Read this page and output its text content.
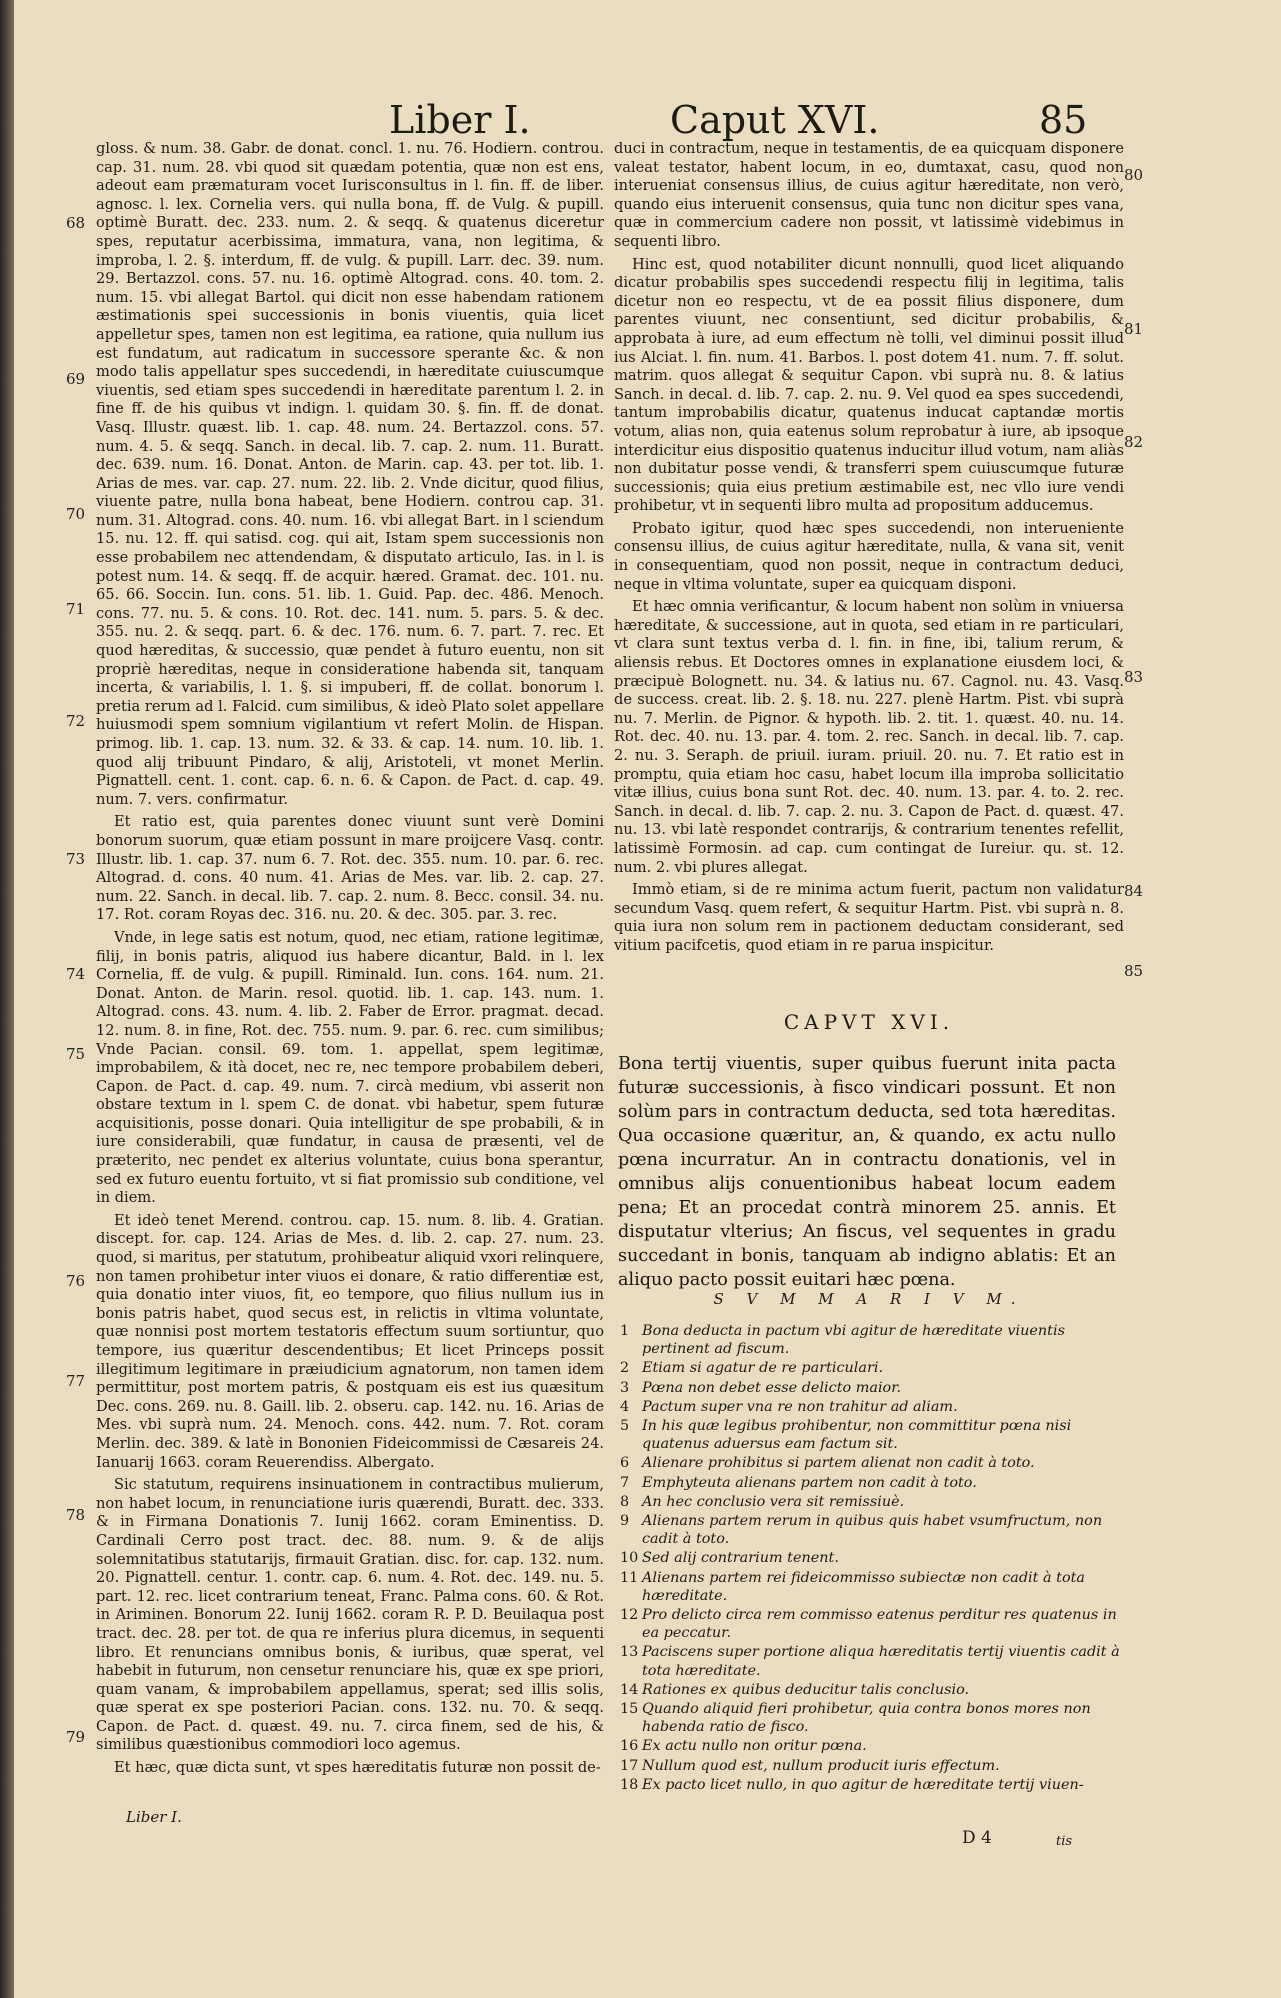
Liber I.	Caput XVI.	85

gloss. & num. 38. Gabr. de donat. concl. 1. nu. 76. Hodiern. controu. cap. 31. num. 28. vbi quod sit quædam potentia, quæ non est ens, adeout eam præmaturam vocet Iurisconsultus in l. fin. ff. de liber. agnosc. l. lex. Cornelia vers. qui nulla bona, ff. de Vulg. & pupill. optimè Buratt. dec. 233. num. 2. & seqq. & quatenus diceretur spes, reputatur acerbissima, immatura, vana, non legitima, & improba, l. 2. §. interdum, ff. de vulg. & pupill. Larr. dec. 39. num. 29. Bertazzol. cons. 57. nu. 16. optimè Altograd. cons. 40. tom. 2. num. 15. vbi allegat Bartol. qui dicit non esse habendam rationem æstimationis spei successionis in bonis viuentis, quia licet appelletur spes, tamen non est legitima, ea ratione, quia nullum ius est fundatum, aut radicatum in successore sperante &c. & non modo talis appellatur spes succedendi, in hæreditate cuiuscumque viuentis, sed etiam spes succedendi in hæreditate parentum l. 2. in fine ff. de his quibus vt indign. l. quidam 30. §. fin. ff. de donat. Vasq. Illustr. quæst. lib. 1. cap. 48. num. 24. Bertazzol. cons. 57. num. 4. 5. & seqq. Sanch. in decal. lib. 7. cap. 2. num. 11. Buratt. dec. 639. num. 16. Donat. Anton. de Marin. cap. 43. per tot. lib. 1. Arias de mes. var. cap. 27. num. 22. lib. 2. Vnde dicitur, quod filius, viuente patre, nulla bona habeat, bene Hodiern. controu cap. 31. num. 31. Altograd. cons. 40. num. 16. vbi allegat Bart. in l sciendum 15. nu. 12. ff. qui satisd. cog. qui ait, Istam spem successionis non esse probabilem nec attendendam, & disputato articulo, Ias. in l. is potest num. 14. & seqq. ff. de acquir. hæred. Gramat. dec. 101. nu. 65. 66. Soccin. Iun. cons. 51. lib. 1. Guid. Pap. dec. 486. Menoch. cons. 77. nu. 5. & cons. 10. Rot. dec. 141. num. 5. pars. 5. & dec. 355. nu. 2. & seqq. part. 6. & dec. 176. num. 6. 7. part. 7. rec. Et quod hæreditas, & successio, quæ pendet à futuro euentu, non sit propriè hæreditas, neque in consideratione habenda sit, tanquam incerta, & variabilis, l. 1. §. si impuberi, ff. de collat. bonorum l. pretia rerum ad l. Falcid. cum similibus, & ideò Plato solet appellare huiusmodi spem somnium vigilantium vt refert Molin. de Hispan. primog. lib. 1. cap. 13. num. 32. & 33. & cap. 14. num. 10. lib. 1. quod alij tribuunt Pindaro, & alij, Aristoteli, vt monet Merlin. Pignattell. cent. 1. cont. cap. 6. n. 6. & Capon. de Pact. d. cap. 49. num. 7. vers. confirmatur.

Et ratio est, quia parentes donec viuunt sunt verè Domini bonorum suorum, quæ etiam possunt in mare proijcere Vasq. contr. Illustr. lib. 1. cap. 37. num 6. 7. Rot. dec. 355. num. 10. par. 6. rec. Altograd. d. cons. 40 num. 41. Arias de Mes. var. lib. 2. cap. 27. num. 22. Sanch. in decal. lib. 7. cap. 2. num. 8. Becc. consil. 34. nu. 17. Rot. coram Royas dec. 316. nu. 20. & dec. 305. par. 3. rec.

Vnde, in lege satis est notum, quod, nec etiam, ratione legitimæ, filij, in bonis patris, aliquod ius habere dicantur, Bald. in l. lex Cornelia, ff. de vulg. & pupill. Riminald. Iun. cons. 164. num. 21. Donat. Anton. de Marin. resol. quotid. lib. 1. cap. 143. num. 1. Altograd. cons. 43. num. 4. lib. 2. Faber de Error. pragmat. decad. 12. num. 8. in fine, Rot. dec. 755. num. 9. par. 6. rec. cum similibus; Vnde Pacian. consil. 69. tom. 1. appellat, spem legitimæ, improbabilem, & ità docet, nec re, nec tempore probabilem deberi, Capon. de Pact. d. cap. 49. num. 7. circà medium, vbi asserit non obstare textum in l. spem C. de donat. vbi habetur, spem futuræ acquisitionis, posse donari. Quia intelligitur de spe probabili, & in iure considerabili, quæ fundatur, in causa de præsenti, vel de præterito, nec pendet ex alterius voluntate, cuius bona sperantur, sed ex futuro euentu fortuito, vt si fiat promissio sub conditione, vel in diem.

Et ideò tenet Merend. controu. cap. 15. num. 8. lib. 4. Gratian. discept. for. cap. 124. Arias de Mes. d. lib. 2. cap. 27. num. 23. quod, si maritus, per statutum, prohibeatur aliquid vxori relinquere, non tamen prohibetur inter viuos ei donare, & ratio differentiæ est, quia donatio inter viuos, fit, eo tempore, quo filius nullum ius in bonis patris habet, quod secus est, in relictis in vltima voluntate, quæ nonnisi post mortem testatoris effectum suum sortiuntur, quo tempore, ius quæritur descendentibus; Et licet Princeps possit illegitimum legitimare in præiudicium agnatorum, non tamen idem permittitur, post mortem patris, & postquam eis est ius quæsitum Dec. cons. 269. nu. 8. Gaill. lib. 2. obseru. cap. 142. nu. 16. Arias de Mes. vbi suprà num. 24. Menoch. cons. 442. num. 7. Rot. coram Merlin. dec. 389. & latè in Bononien Fideicommissi de Cæsareis 24. Ianuarij 1663. coram Reuerendiss. Albergato.

Sic statutum, requirens insinuationem in contractibus mulierum, non habet locum, in renunciatione iuris quærendi, Buratt. dec. 333. & in Firmana Donationis 7. Iunij 1662. coram Eminentiss. D. Cardinali Cerro post tract. dec. 88. num. 9. & de alijs solemnitatibus statutarijs, firmauit Gratian. disc. for. cap. 132. num. 20. Pignattell. centur. 1. contr. cap. 6. num. 4. Rot. dec. 149. nu. 5. part. 12. rec. licet contrarium teneat, Franc. Palma cons. 60. & Rot. in Ariminen. Bonorum 22. Iunij 1662. coram R. P. D. Beuilaqua post tract. dec. 28. per tot. de qua re inferius plura dicemus, in sequenti libro. Et renuncians omnibus bonis, & iuribus, quæ sperat, vel habebit in futurum, non censetur renunciare his, quæ ex spe priori, quam vanam, & improbabilem appellamus, sperat; sed illis solis, quæ sperat ex spe posteriori Pacian. cons. 132. nu. 70. & seqq. Capon. de Pact. d. quæst. 49. nu. 7. circa finem, sed de his, & similibus quæstionibus commodiori loco agemus.

Et hæc, quæ dicta sunt, vt spes hæreditatis futuræ non possit de-

68
69
70
71
72
73
74
75
76
77
78
79

duci in contractum, neque in testamentis, de ea quicquam disponere valeat testator, habent locum, in eo, dumtaxat, casu, quod non interueniat consensus illius, de cuius agitur hæreditate, non verò, quando eius interuenit consensus, quia tunc non dicitur spes vana, quæ in commercium cadere non possit, vt latissimè videbimus in sequenti libro.

Hinc est, quod notabiliter dicunt nonnulli, quod licet aliquando dicatur probabilis spes succedendi respectu filij in legitima, talis dicetur non eo respectu, vt de ea possit filius disponere, dum parentes viuunt, nec consentiunt, sed dicitur probabilis, & approbata à iure, ad eum effectum nè tolli, vel diminui possit illud ius Alciat. l. fin. num. 41. Barbos. l. post dotem 41. num. 7. ff. solut. matrim. quos allegat & sequitur Capon. vbi suprà nu. 8. & latius Sanch. in decal. d. lib. 7. cap. 2. nu. 9. Vel quod ea spes succedendi, tantum improbabilis dicatur, quatenus inducat captandæ mortis votum, alias non, quia eatenus solum reprobatur à iure, ab ipsoque interdicitur eius dispositio quatenus inducitur illud votum, nam aliàs non dubitatur posse vendi, & transferri spem cuiuscumque futuræ successionis; quia eius pretium æstimabile est, nec vllo iure vendi prohibetur, vt in sequenti libro multa ad propositum adducemus.

Probato igitur, quod hæc spes succedendi, non interueniente consensu illius, de cuius agitur hæreditate, nulla, & vana sit, venit in consequentiam, quod non possit, neque in contractum deduci, neque in vltima voluntate, super ea quicquam disponi.

Et hæc omnia verificantur, & locum habent non solùm in vniuersa hæreditate, & successione, aut in quota, sed etiam in re particulari, vt clara sunt textus verba d. l. fin. in fine, ibi, talium rerum, & aliensis rebus. Et Doctores omnes in explanatione eiusdem loci, & præcipuè Bolognett. nu. 34. & latius nu. 67. Cagnol. nu. 43. Vasq. de success. creat. lib. 2. §. 18. nu. 227. plenè Hartm. Pist. vbi suprà nu. 7. Merlin. de Pignor. & hypoth. lib. 2. tit. 1. quæst. 40. nu. 14. Rot. dec. 40. nu. 13. par. 4. tom. 2. rec. Sanch. in decal. lib. 7. cap. 2. nu. 3. Seraph. de priuil. iuram. priuil. 20. nu. 7. Et ratio est in promptu, quia etiam hoc casu, habet locum illa improba sollicitatio vitæ illius, cuius bona sunt Rot. dec. 40. num. 13. par. 4. to. 2. rec. Sanch. in decal. d. lib. 7. cap. 2. nu. 3. Capon de Pact. d. quæst. 47. nu. 13. vbi latè respondet contrarijs, & contrarium tenentes refellit, latissimè Formosin. ad cap. cum contingat de Iureiur. qu. st. 12. num. 2. vbi plures allegat.

Immò etiam, si de re minima actum fuerit, pactum non validatur secundum Vasq. quem refert, & sequitur Hartm. Pist. vbi suprà n. 8. quia iura non solum rem in pactionem deductam considerant, sed vitium pacifcetis, quod etiam in re parua inspicitur.

80
81
82
83
84
85
CAPVT XVI.
Bona tertij viuentis, super quibus fuerunt inita pacta futuræ successionis, à fisco vindicari possunt. Et non solùm pars in contractum deducta, sed tota hæreditas. Qua occasione quæritur, an, & quando, ex actu nullo pœna incurratur. An in contractu donationis, vel in omnibus alijs conuentionibus habeat locum eadem pena; Et an procedat contrà minorem 25. annis. Et disputatur vlterius; An fiscus, vel sequentes in gradu succedant in bonis, tanquam ab indigno ablatis: Et an aliquo pacto possit euitari hæc pœna.
S V M M A R I V M.
1 Bona deducta in pactum vbi agitur de hæreditate viuentis pertinent ad fiscum.
2 Etiam si agatur de re particulari.
3 Pœna non debet esse delicto maior.
4 Pactum super vna re non trahitur ad aliam.
5 In his quæ legibus prohibentur, non committitur pœna nisi quatenus aduersus eam factum sit.
6 Alienare prohibitus si partem alienat non cadit à toto.
7 Emphyteuta alienans partem non cadit à toto.
8 An hec conclusio vera sit remissiuè.
9 Alienans partem rerum in quibus quis habet vsumfructum, non cadit à toto.
10 Sed alij contrarium tenent.
11 Alienans partem rei fideicommisso subiectæ non cadit à tota hæreditate.
12 Pro delicto circa rem commisso eatenus perditur res quatenus in ea peccatur.
13 Paciscens super portione aliqua hæreditatis tertij viuentis cadit à tota hæreditate.
14 Rationes ex quibus deducitur talis conclusio.
15 Quando aliquid fieri prohibetur, quia contra bonos mores non habenda ratio de fisco.
16 Ex actu nullo non oritur pœna.
17 Nullum quod est, nullum producit iuris effectum.
18 Ex pacto licet nullo, in quo agitur de hæreditate tertij viuen-
Liber I.
D 4	tis
